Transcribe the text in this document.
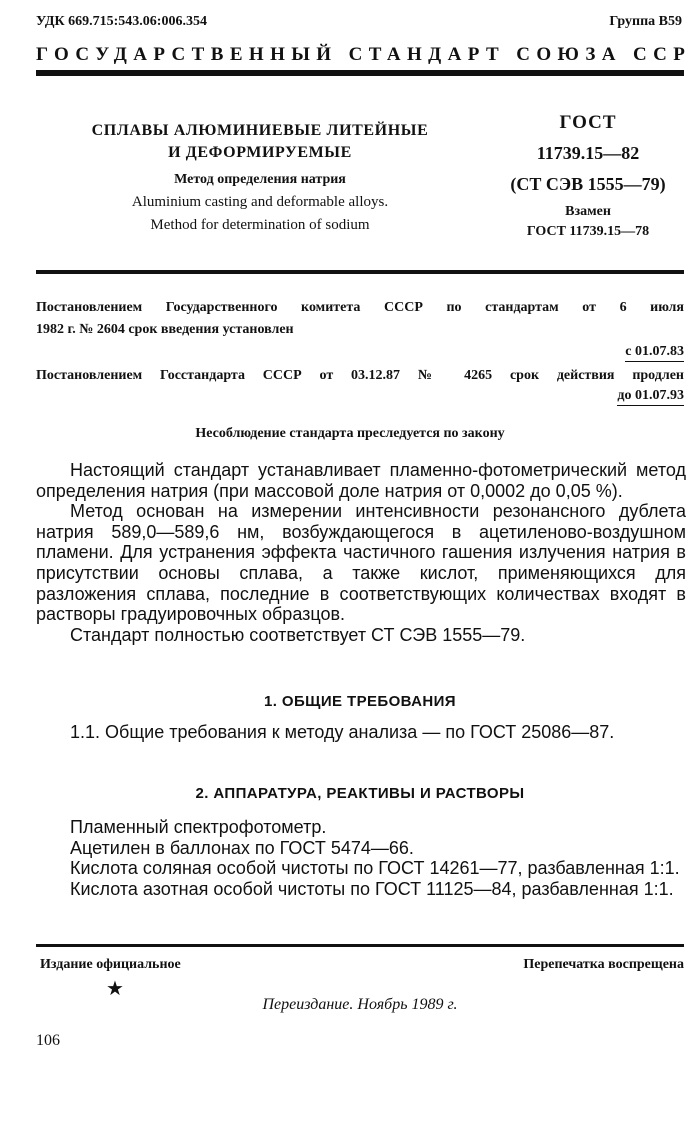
УДК 669.715:543.06:006.354	Группа В59
ГОСУДАРСТВЕННЫЙ СТАНДАРТ СОЮЗА ССР
СПЛАВЫ АЛЮМИНИЕВЫЕ ЛИТЕЙНЫЕ
И ДЕФОРМИРУЕМЫЕ
Метод определения натрия
Aluminium casting and deformable alloys.
Method for determination of sodium
ГОСТ
11739.15—82
(СТ СЭВ 1555—79)
Взамен
ГОСТ 11739.15—78
Постановлением Государственного комитета СССР по стандартам от 6 июля
1982 г. № 2604 срок введения установлен
с 01.07.83
Постановлением Госстандарта СССР от 03.12.87 № 4265 срок действия продлен
до 01.07.93
Несоблюдение стандарта преследуется по закону

Настоящий стандарт устанавливает пламенно-фотометрический метод определения натрия (при массовой доле натрия от 0,0002 до 0,05 %).

Метод основан на измерении интенсивности резонансного дублета натрия 589,0—589,6 нм, возбуждающегося в ацетиленово-воздушном пламени. Для устранения эффекта частичного гашения излучения натрия в присутствии основы сплава, а также кислот, применяющихся для разложения сплава, последние в соответствующих количествах входят в растворы градуировочных образцов.

Стандарт полностью соответствует СТ СЭВ 1555—79.

1. ОБЩИЕ ТРЕБОВАНИЯ

1.1. Общие требования к методу анализа — по ГОСТ 25086—87.

2. АППАРАТУРА, РЕАКТИВЫ И РАСТВОРЫ

Пламенный спектрофотометр.

Ацетилен в баллонах по ГОСТ 5474—66.

Кислота соляная особой чистоты по ГОСТ 14261—77, разбавленная 1:1.

Кислота азотная особой чистоты по ГОСТ 11125—84, разбавленная 1:1.

Издание официальное	Перепечатка воспрещена
★
Переиздание. Ноябрь 1989 г.
106
